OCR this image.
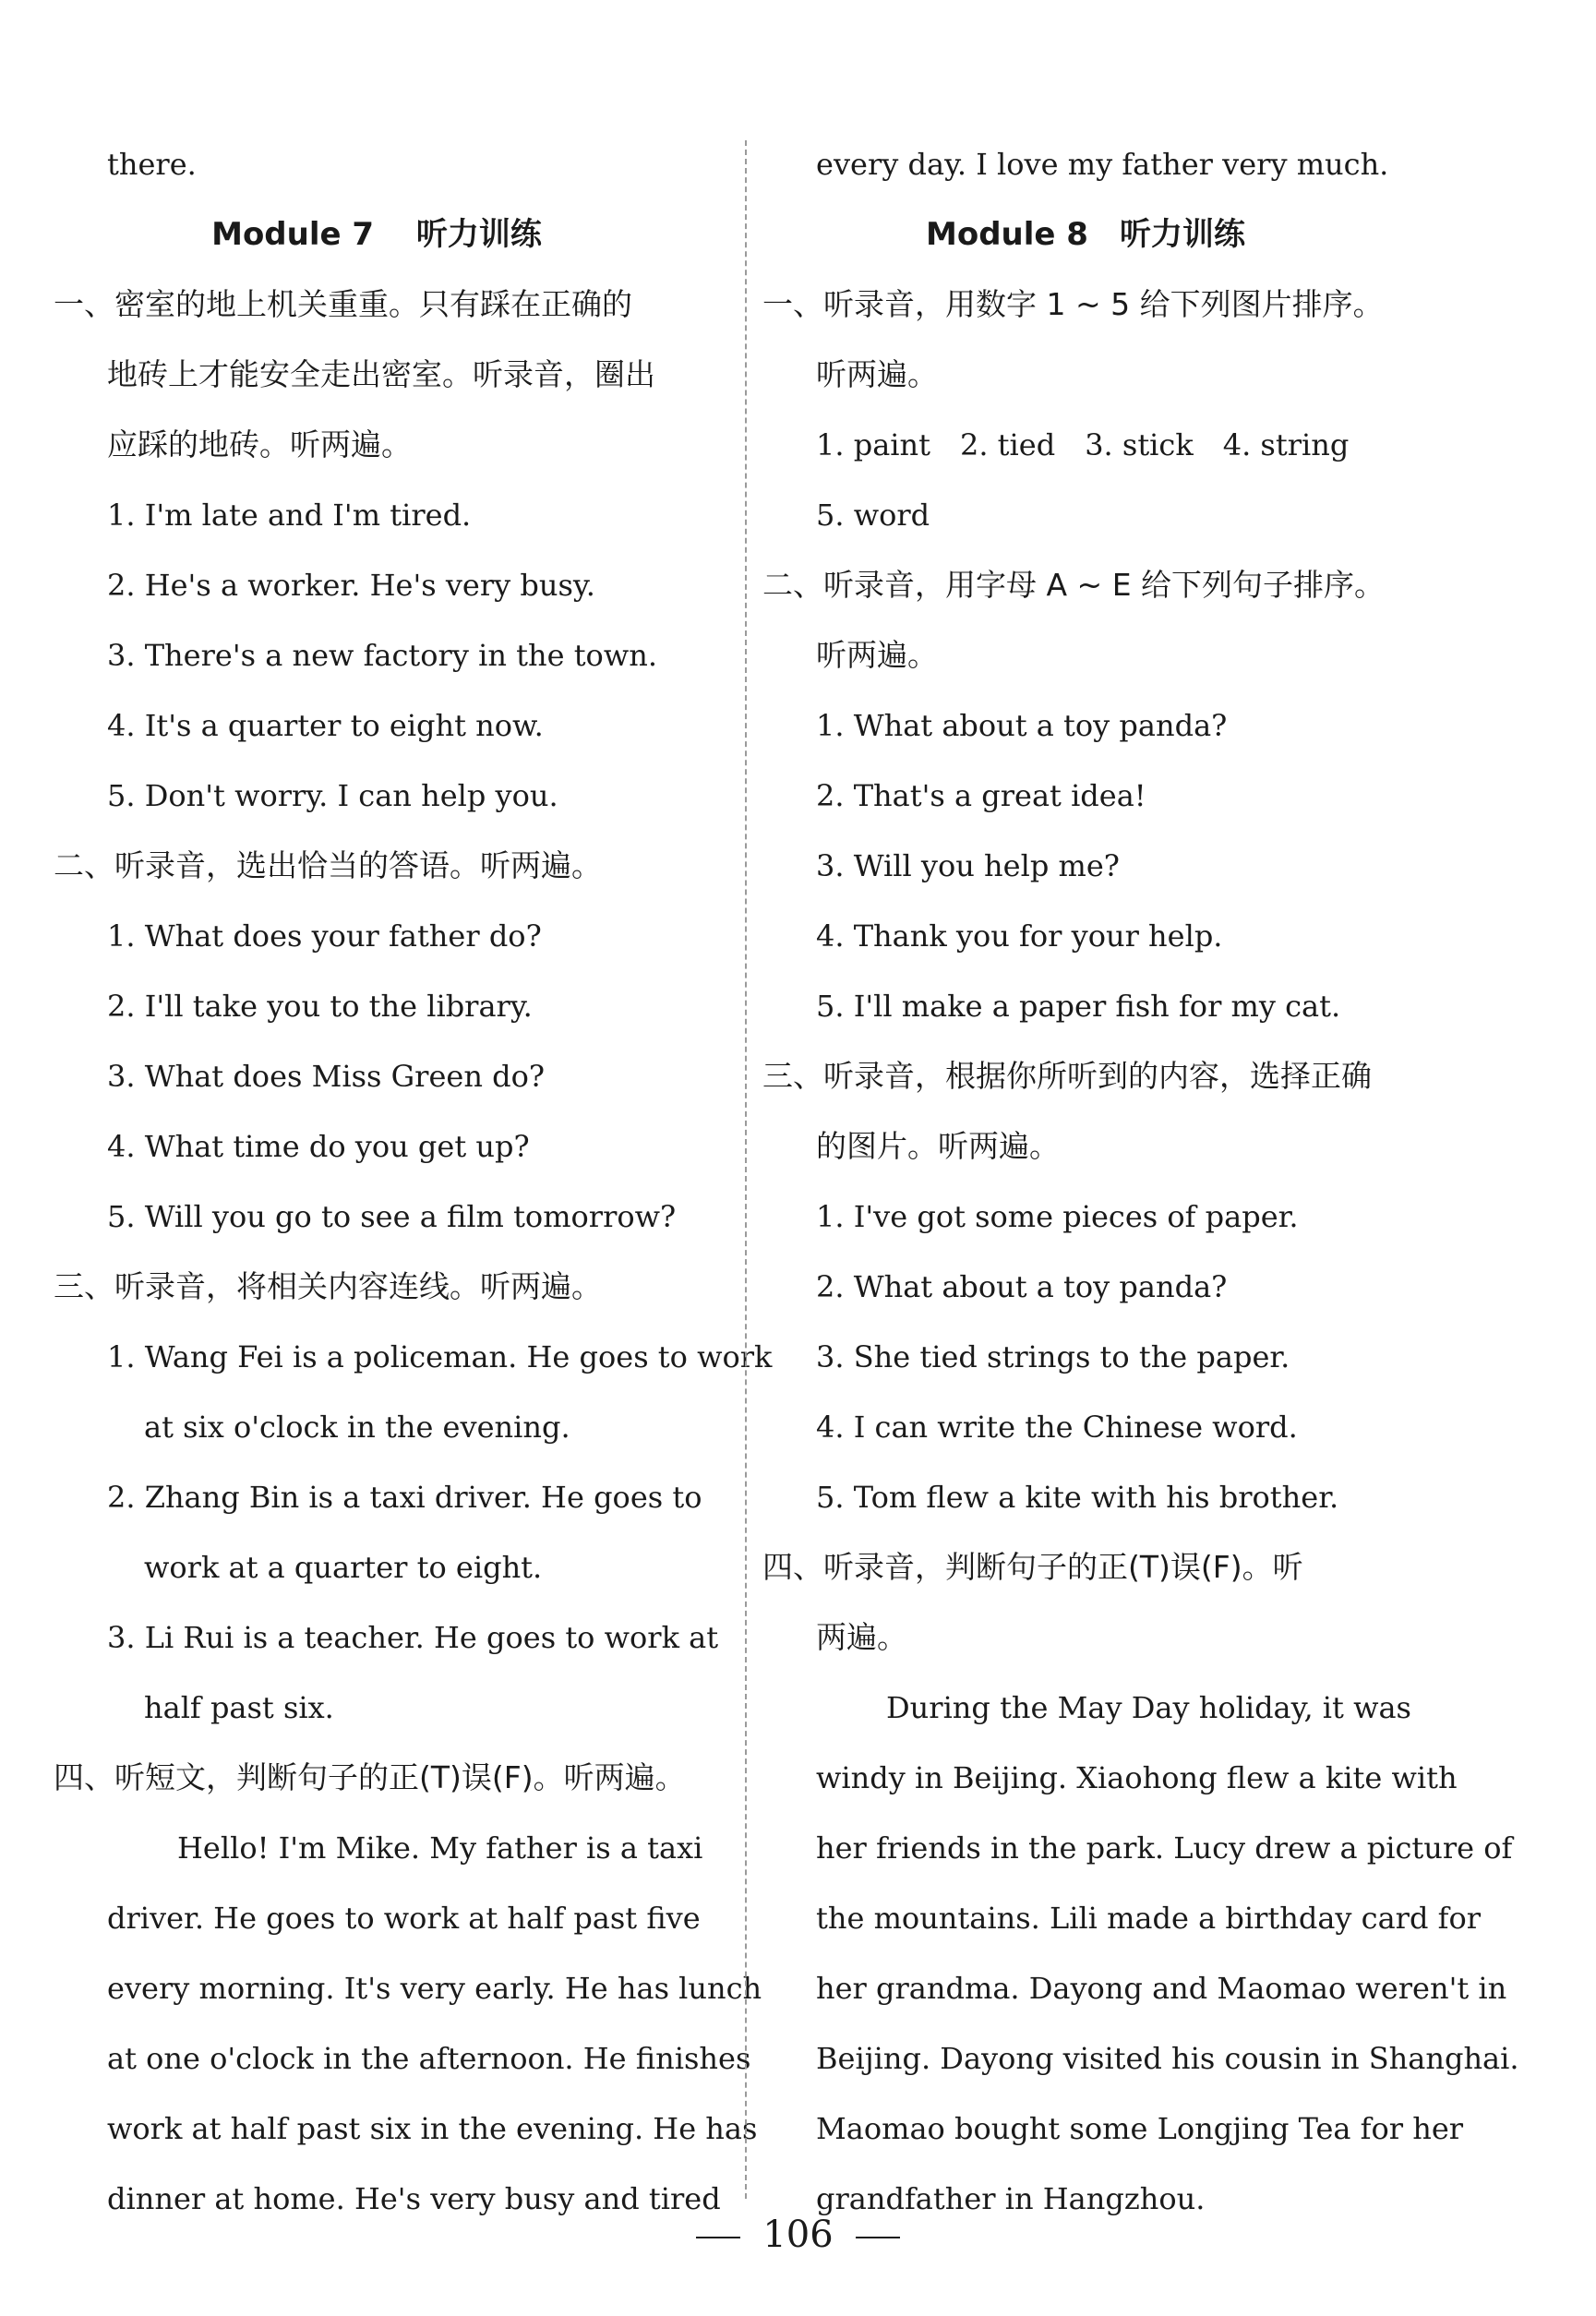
there.
Module 7　 听力训练
一、密室的地上机关重重。只有踩在正确的
地砖上才能安全走出密室。听录音，圈出
应踩的地砖。听两遍。
1. I'm late and I'm tired.
2. He's a worker. He's very busy.
3. There's a new factory in the town.
4. It's a quarter to eight now.
5. Don't worry. I can help you.
二、听录音，选出恰当的答语。听两遍。
1. What does your father do?
2. I'll take you to the library.
3. What does Miss Green do?
4. What time do you get up?
5. Will you go to see a film tomorrow?
三、听录音，将相关内容连线。听两遍。
1. Wang Fei is a policeman. He goes to work
at six o'clock in the evening.
2. Zhang Bin is a taxi driver. He goes to
work at a quarter to eight.
3. Li Rui is a teacher. He goes to work at
half past six.
四、听短文，判断句子的正(T)误(F)。听两遍。
Hello! I'm Mike. My father is a taxi
driver. He goes to work at half past five
every morning. It's very early. He has lunch
at one o'clock in the afternoon. He finishes
work at half past six in the evening. He has
dinner at home. He's very busy and tired
every day. I love my father very much.
Module 8　听力训练
一、听录音，用数字 1 ~ 5 给下列图片排序。
听两遍。
1. paint　2. tied　3. stick　4. string
5. word
二、听录音，用字母 A ~ E 给下列句子排序。
听两遍。
1. What about a toy panda?
2. That's a great idea!
3. Will you help me?
4. Thank you for your help.
5. I'll make a paper fish for my cat.
三、听录音，根据你所听到的内容，选择正确
的图片。听两遍。
1. I've got some pieces of paper.
2. What about a toy panda?
3. She tied strings to the paper.
4. I can write the Chinese word.
5. Tom flew a kite with his brother.
四、听录音，判断句子的正(T)误(F)。听
两遍。
During the May Day holiday, it was
windy in Beijing. Xiaohong flew a kite with
her friends in the park. Lucy drew a picture of
the mountains. Lili made a birthday card for
her grandma. Dayong and Maomao weren't in
Beijing. Dayong visited his cousin in Shanghai.
Maomao bought some Longjing Tea for her
grandfather in Hangzhou.
106
